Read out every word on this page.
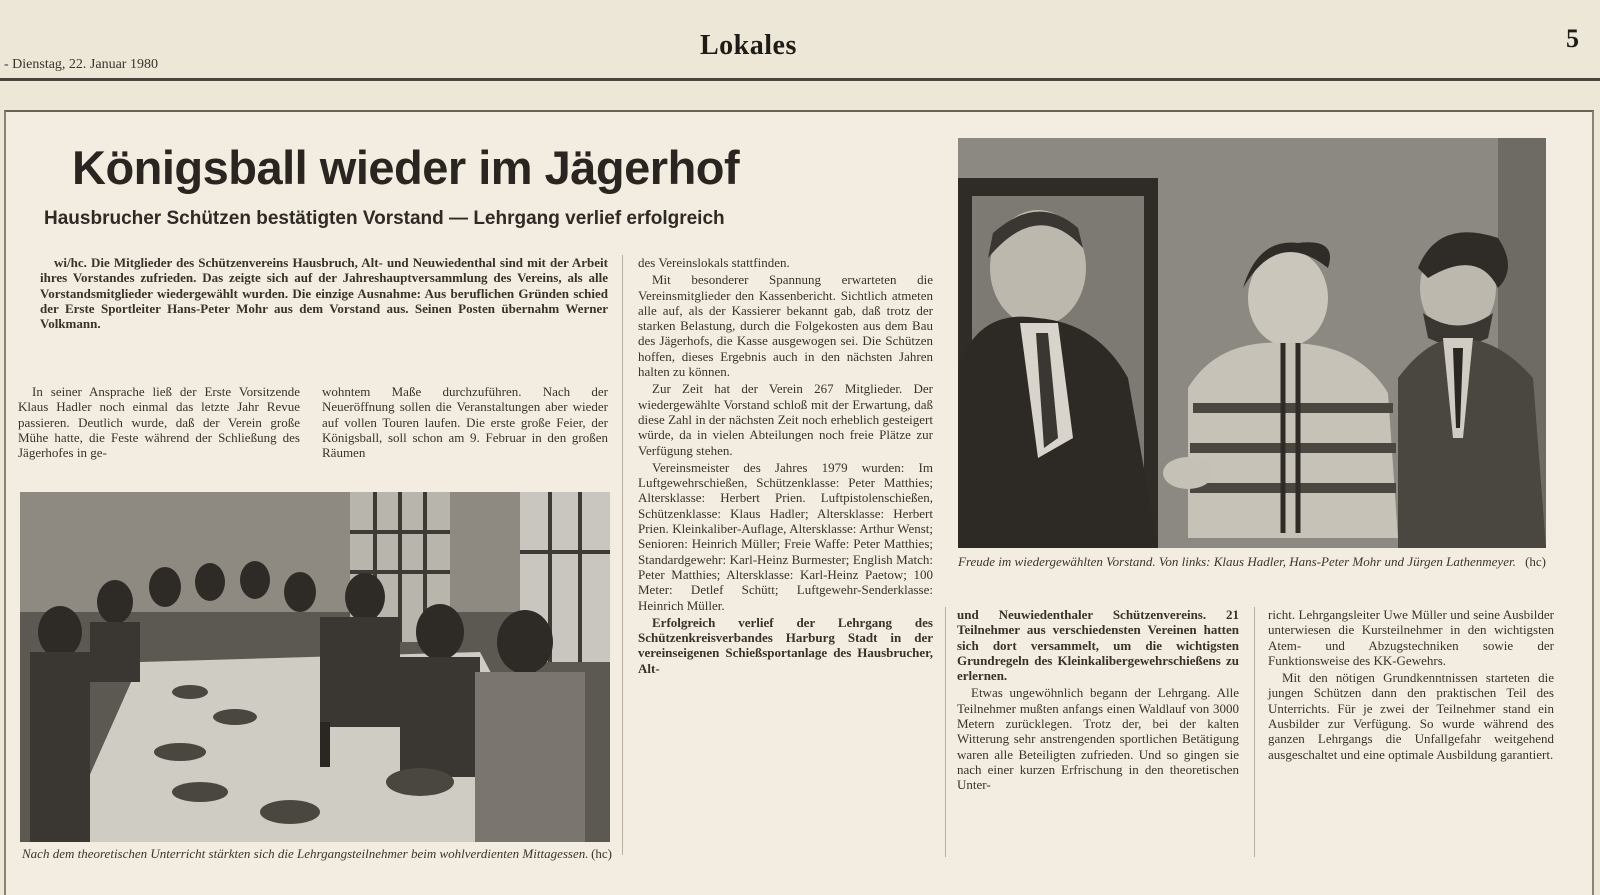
- Dienstag, 22. Januar 1980
Lokales	5
Königsball wieder im Jägerhof
Hausbrucher Schützen bestätigten Vorstand — Lehrgang verlief erfolgreich

wi/hc. Die Mitglieder des Schützenvereins Hausbruch, Alt- und Neuwiedenthal sind mit der Arbeit ihres Vorstandes zufrieden. Das zeigte sich auf der Jahreshauptversammlung des Vereins, als alle Vorstandsmitglieder wiedergewählt wurden. Die einzige Ausnahme: Aus beruflichen Gründen schied der Erste Sportleiter Hans-Peter Mohr aus dem Vorstand aus. Seinen Posten übernahm Werner Volkmann.

In seiner Ansprache ließ der Erste Vorsitzende Klaus Hadler noch einmal das letzte Jahr Revue passieren. Deutlich wurde, daß der Verein große Mühe hatte, die Feste während der Schließung des Jägerhofes in ge-

wohntem Maße durchzuführen. Nach der Neueröffnung sollen die Veranstaltungen aber wieder auf vollen Touren laufen. Die erste große Feier, der Königsball, soll schon am 9. Februar in den großen Räumen

des Vereinslokals stattfinden.

Mit besonderer Spannung erwarteten die Vereinsmitglieder den Kassenbericht. Sichtlich atmeten alle auf, als der Kassierer bekannt gab, daß trotz der starken Belastung, durch die Folgekosten aus dem Bau des Jägerhofs, die Kasse ausgewogen sei. Die Schützen hoffen, dieses Ergebnis auch in den nächsten Jahren halten zu können.

Zur Zeit hat der Verein 267 Mitglieder. Der wiedergewählte Vorstand schloß mit der Erwartung, daß diese Zahl in der nächsten Zeit noch erheblich gesteigert würde, da in vielen Abteilungen noch freie Plätze zur Verfügung stehen.

Vereinsmeister des Jahres 1979 wurden: Im Luftgewehrschießen, Schützenklasse: Peter Matthies; Altersklasse: Herbert Prien. Luftpistolenschießen, Schützenklasse: Klaus Hadler; Altersklasse: Herbert Prien. Kleinkaliber-Auflage, Altersklasse: Arthur Wenst; Senioren: Heinrich Müller; Freie Waffe: Peter Matthies; Standardgewehr: Karl-Heinz Burmester; English Match: Peter Matthies; Altersklasse: Karl-Heinz Paetow; 100 Meter: Detlef Schütt; Luftgewehr-Senderklasse: Heinrich Müller.

Erfolgreich verlief der Lehrgang des Schützenkreisverbandes Harburg Stadt in der vereinseigenen Schießsportanlage des Hausbrucher, Alt-

und Neuwiedenthaler Schützenvereins. 21 Teilnehmer aus verschiedensten Vereinen hatten sich dort versammelt, um die wichtigsten Grundregeln des Kleinkalibergewehrschießens zu erlernen.

Etwas ungewöhnlich begann der Lehrgang. Alle Teilnehmer mußten anfangs einen Waldlauf von 3000 Metern zurücklegen. Trotz der, bei der kalten Witterung sehr anstrengenden sportlichen Betätigung waren alle Beteiligten zufrieden. Und so gingen sie nach einer kurzen Erfrischung in den theoretischen Unter-

richt. Lehrgangsleiter Uwe Müller und seine Ausbilder unterwiesen die Kursteilnehmer in den wichtigsten Atem- und Abzugstechniken sowie der Funktionsweise des KK-Gewehrs.

Mit den nötigen Grundkenntnissen starteten die jungen Schützen dann den praktischen Teil des Unterrichts. Für je zwei der Teilnehmer stand ein Ausbilder zur Verfügung. So wurde während des ganzen Lehrgangs die Unfallgefahr weitgehend ausgeschaltet und eine optimale Ausbildung garantiert.

(hc)
Nach dem theoretischen Unterricht stärkten sich die Lehrgangsteilnehmer beim wohlverdienten Mittagessen.
Freude im wiedergewählten Vorstand. Von links: Klaus Hadler, Hans-Peter Mohr und Jürgen Lathenmeyer. (hc)
